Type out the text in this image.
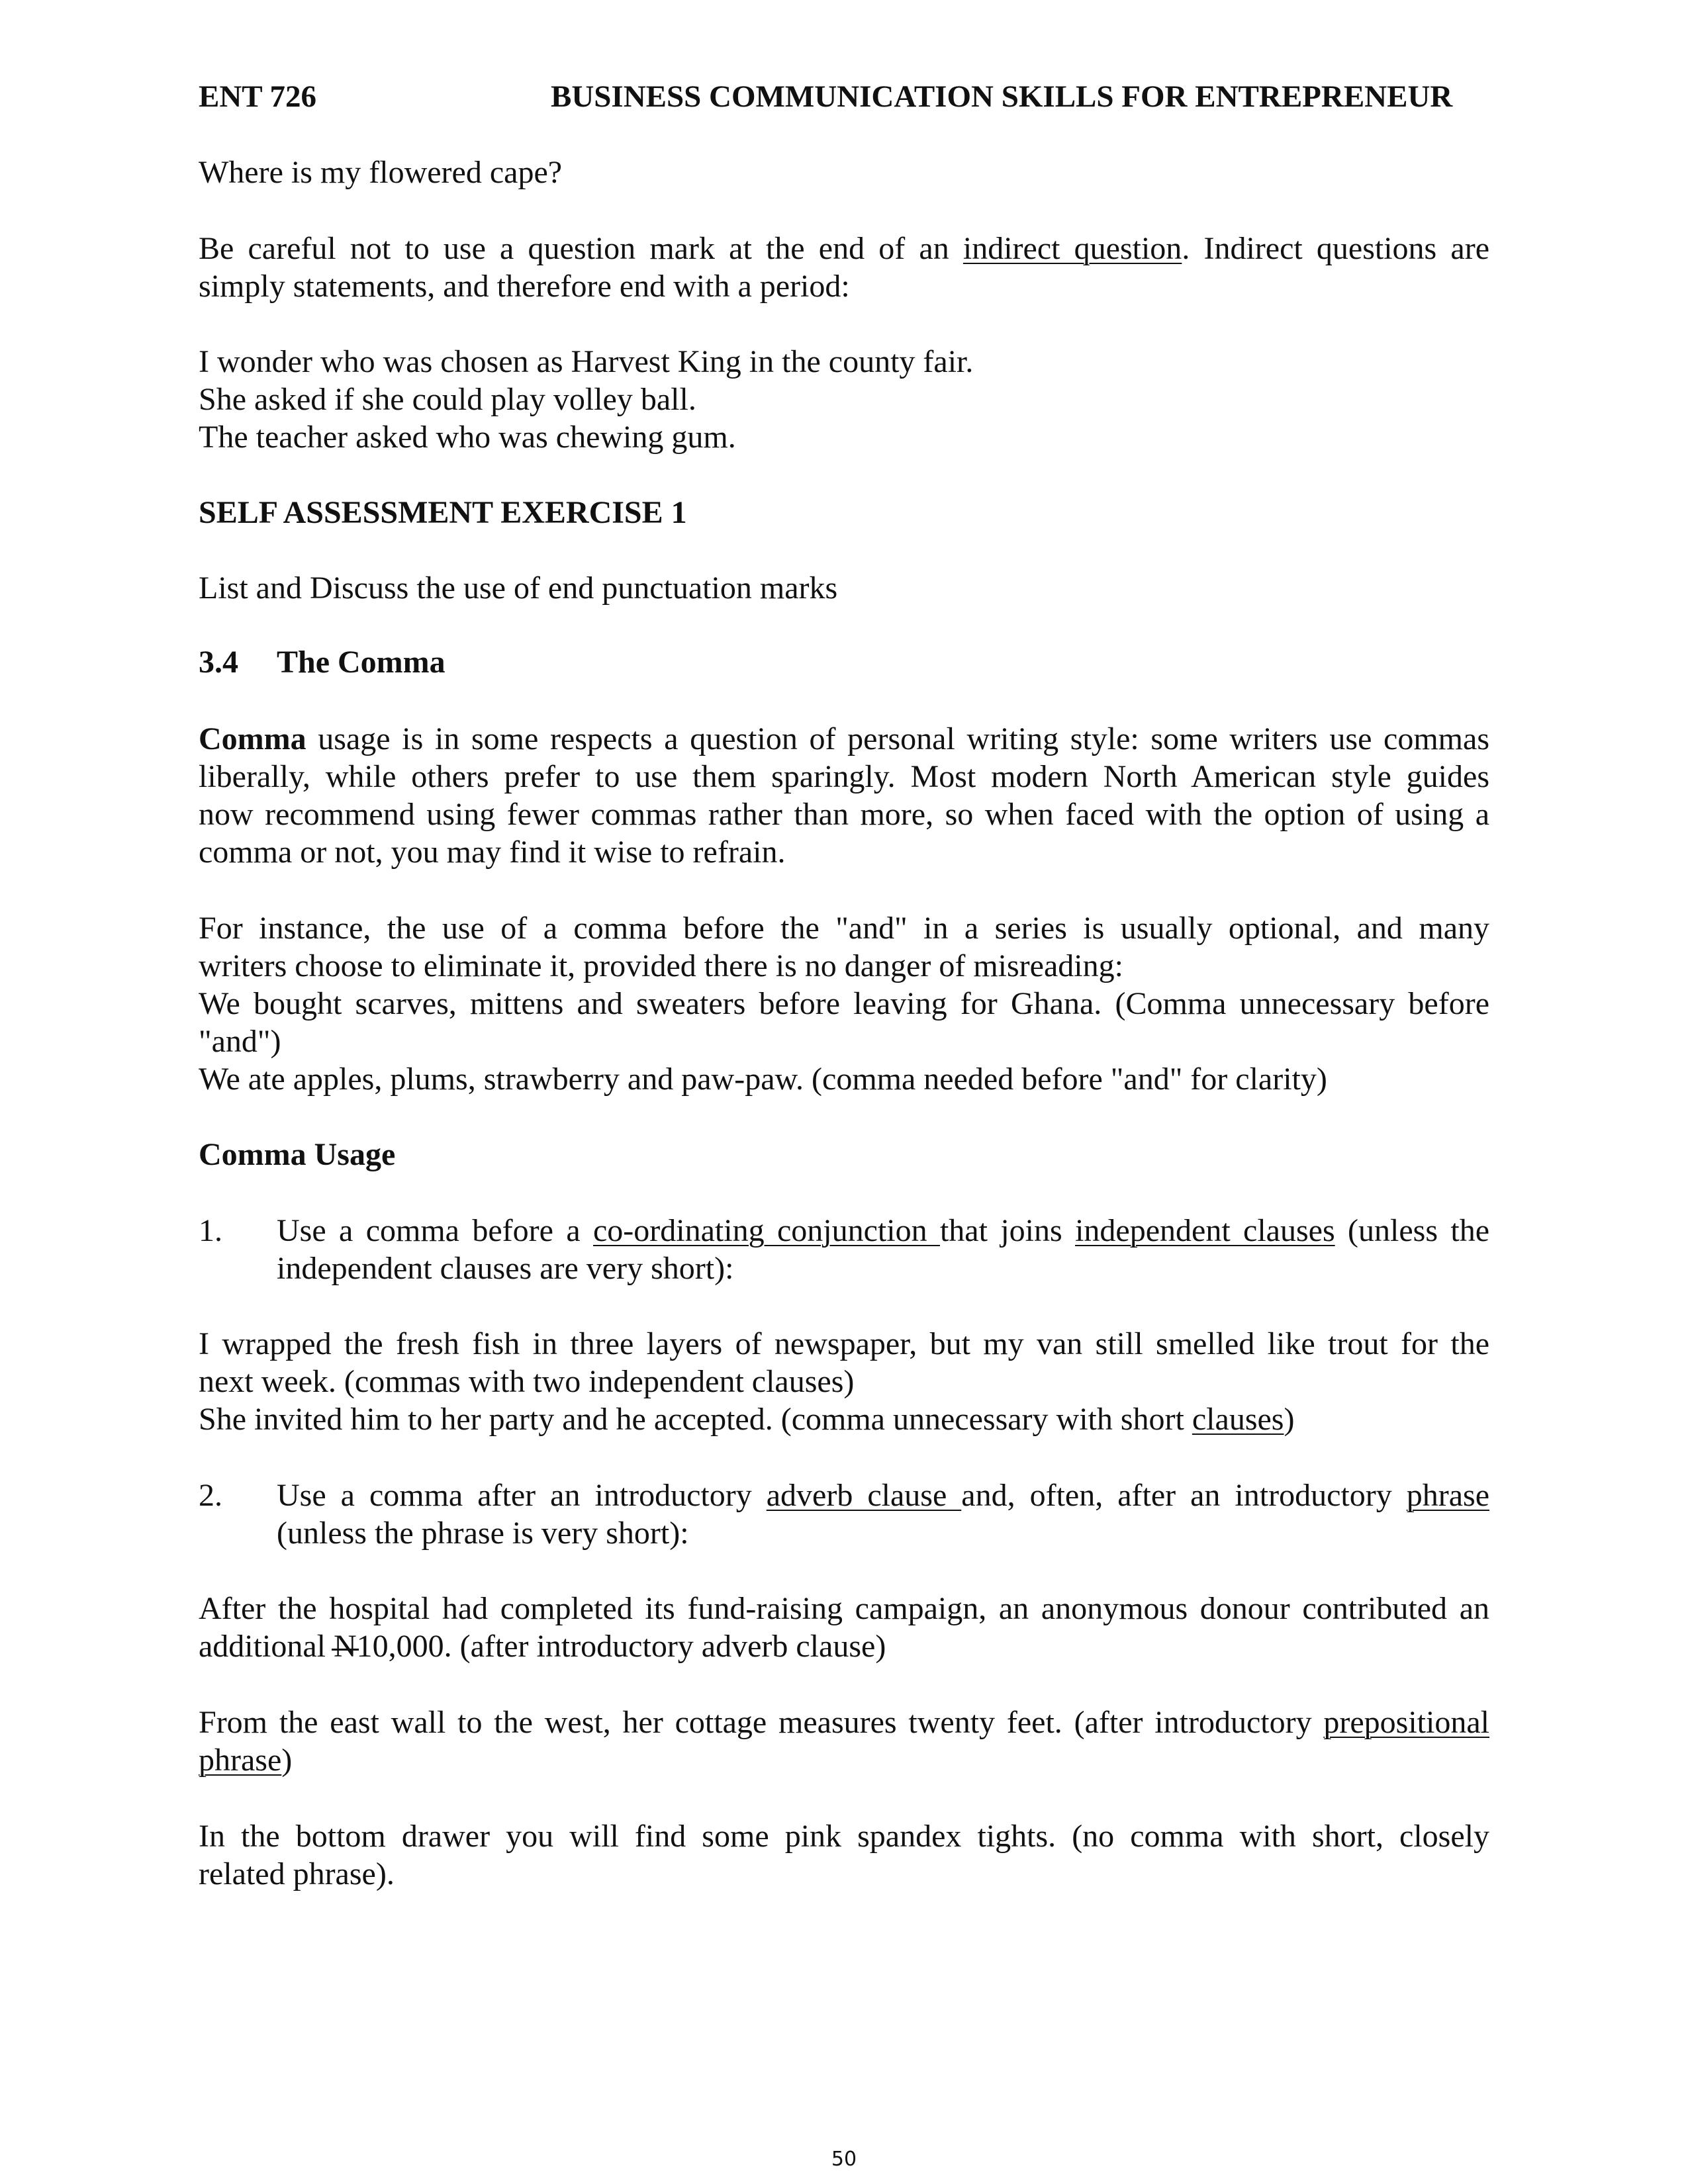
ENT 726	BUSINESS COMMUNICATION SKILLS FOR ENTREPRENEUR

Where is my flowered cape?

Be careful not to use a question mark at the end of an indirect question. Indirect questions are

simply statements, and therefore end with a period:

I wonder who was chosen as Harvest King in the county fair.

She asked if she could play volley ball.

The teacher asked who was chewing gum.

SELF ASSESSMENT EXERCISE 1

List and Discuss the use of end punctuation marks

3.4 The Comma

Comma usage is in some respects a question of personal writing style: some writers use commas

liberally, while others prefer to use them sparingly. Most modern North American style guides

now recommend using fewer commas rather than more, so when faced with the option of using a

comma or not, you may find it wise to refrain.

For instance, the use of a comma before the "and" in a series is usually optional, and many

writers choose to eliminate it, provided there is no danger of misreading:

We bought scarves, mittens and sweaters before leaving for Ghana. (Comma unnecessary before

"and")

We ate apples, plums, strawberry and paw-paw. (comma needed before "and" for clarity)

Comma Usage

1. Use a comma before a co-ordinating conjunction that joins independent clauses (unless the

independent clauses are very short):

I wrapped the fresh fish in three layers of newspaper, but my van still smelled like trout for the

next week. (commas with two independent clauses)

She invited him to her party and he accepted. (comma unnecessary with short clauses)

2. Use a comma after an introductory adverb clause and, often, after an introductory phrase

(unless the phrase is very short):

After the hospital had completed its fund-raising campaign, an anonymous donour contributed an

additional N10,000. (after introductory adverb clause)

From the east wall to the west, her cottage measures twenty feet. (after introductory prepositional

phrase)

In the bottom drawer you will find some pink spandex tights. (no comma with short, closely

related phrase).

50
